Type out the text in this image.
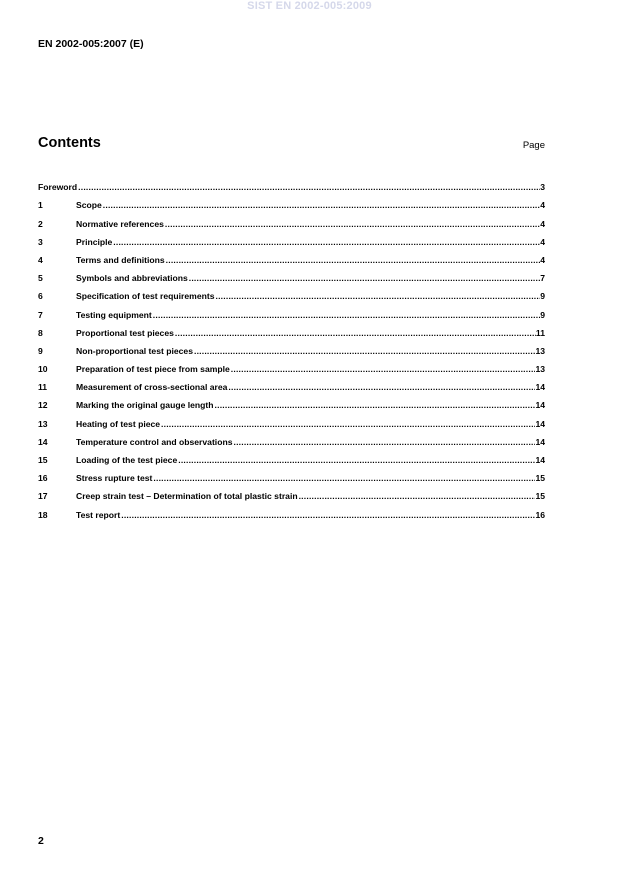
SIST EN 2002-005:2009
EN 2002-005:2007 (E)
Contents	Page
Foreword .....	3
1	Scope .....	4
2	Normative references .....	4
3	Principle .....	4
4	Terms and definitions .....	4
5	Symbols and abbreviations .....	7
6	Specification of test requirements .....	9
7	Testing equipment .....	9
8	Proportional test pieces .....	11
9	Non-proportional test pieces .....	13
10	Preparation of test piece from sample .....	13
11	Measurement of cross-sectional area .....	14
12	Marking the original gauge length .....	14
13	Heating of test piece .....	14
14	Temperature control and observations .....	14
15	Loading of the test piece .....	14
16	Stress rupture test .....	15
17	Creep strain test – Determination of total plastic strain .....	15
18	Test report .....	16
2
